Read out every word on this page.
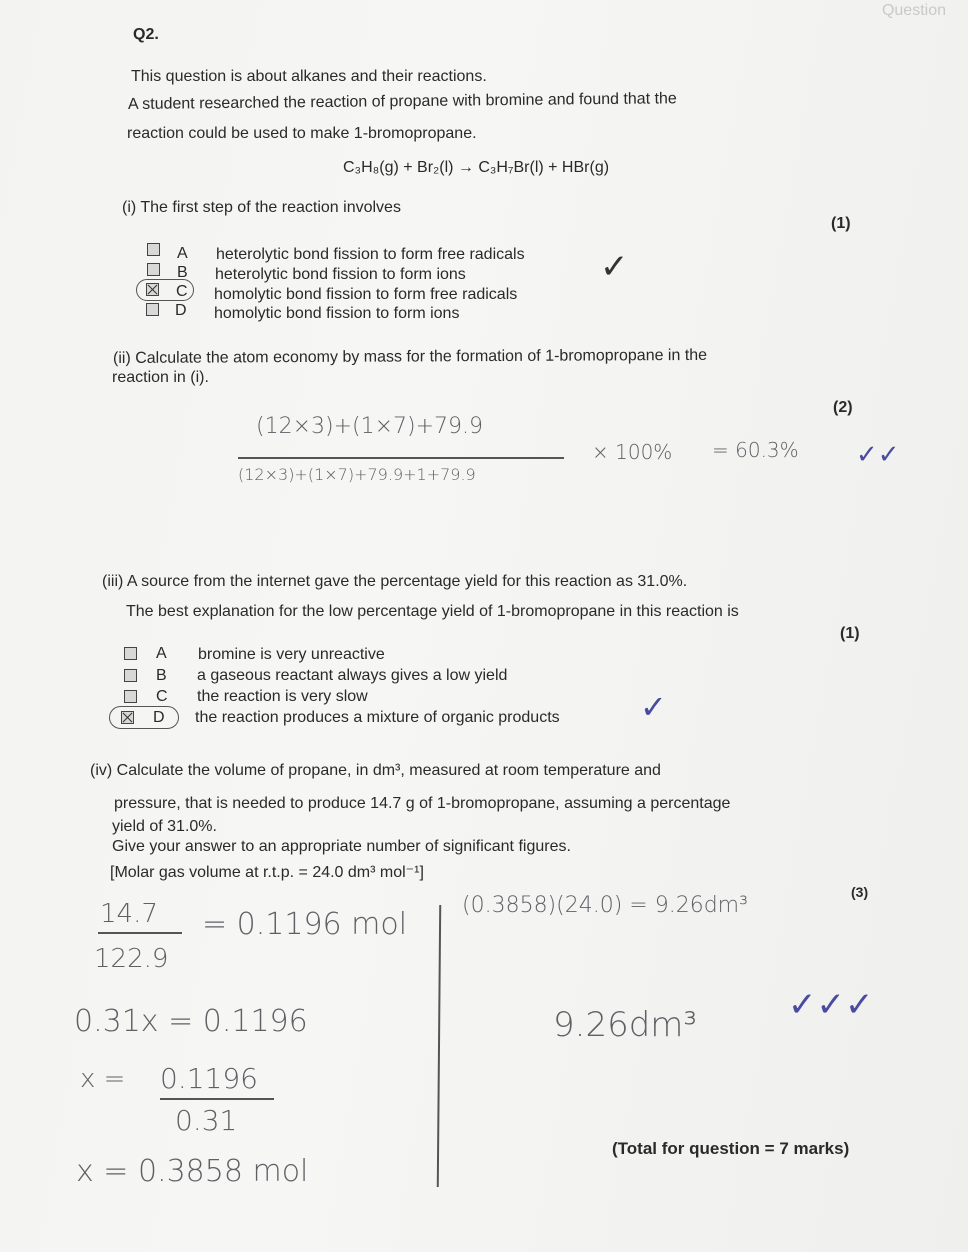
Question
Q2.
This question is about alkanes and their reactions.
A student researched the reaction of propane with bromine and found that the
reaction could be used to make 1-bromopropane.
C₃H₈(g) + Br₂(l) → C₃H₇Br(l) + HBr(g)
(i) The first step of the reaction involves
(1)
A heterolytic bond fission to form free radicals
B heterolytic bond fission to form ions
C homolytic bond fission to form free radicals
D homolytic bond fission to form ions
✓
(ii) Calculate the atom economy by mass for the formation of 1-bromopropane in the
reaction in (i).
(2)
(12×3)+(1×7)+79.9
(12×3)+(1×7)+79.9+1+79.9
× 100% = 60.3% ✓✓
(iii) A source from the internet gave the percentage yield for this reaction as 31.0%.
The best explanation for the low percentage yield of 1-bromopropane in this reaction is
(1)
A bromine is very unreactive
B a gaseous reactant always gives a low yield
C the reaction is very slow
D the reaction produces a mixture of organic products	✓
(iv) Calculate the volume of propane, in dm³, measured at room temperature and
pressure, that is needed to produce 14.7 g of 1-bromopropane, assuming a percentage
yield of 31.0%.
Give your answer to an appropriate number of significant figures.
[Molar gas volume at r.t.p. = 24.0 dm³ mol⁻¹]
14.7
122.9
= 0.1196 mol
0.31x = 0.1196
x = 0.1196
0.31
x = 0.3858 mol
(0.3858)(24.0) = 9.26dm³
(3)
9.26dm³	✓✓✓
(Total for question = 7 marks)
